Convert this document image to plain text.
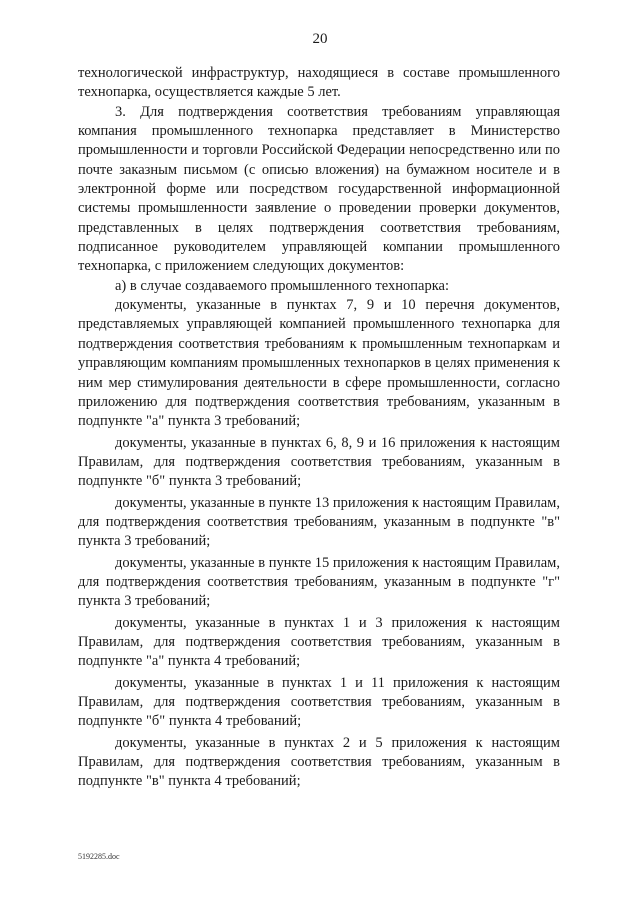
20

технологической инфраструктур, находящиеся в составе промышленного технопарка, осуществляется каждые 5 лет.

3. Для подтверждения соответствия требованиям управляющая компания промышленного технопарка представляет в Министерство промышленности и торговли Российской Федерации непосредственно или по почте заказным письмом (с описью вложения) на бумажном носителе и в электронной форме или посредством государственной информационной системы промышленности заявление о проведении проверки документов, представленных в целях подтверждения соответствия требованиям, подписанное руководителем управляющей компании промышленного технопарка, с приложением следующих документов:

а) в случае создаваемого промышленного технопарка:

документы, указанные в пунктах 7, 9 и 10 перечня документов, представляемых управляющей компанией промышленного технопарка для подтверждения соответствия требованиям к промышленным технопаркам и управляющим компаниям промышленных технопарков в целях применения к ним мер стимулирования деятельности в сфере промышленности, согласно приложению для подтверждения соответствия требованиям, указанным в подпункте "а" пункта 3 требований;

документы, указанные в пунктах 6, 8, 9 и 16 приложения к настоящим Правилам, для подтверждения соответствия требованиям, указанным в подпункте "б" пункта 3 требований;

документы, указанные в пункте 13 приложения к настоящим Правилам, для подтверждения соответствия требованиям, указанным в подпункте "в" пункта 3 требований;

документы, указанные в пункте 15 приложения к настоящим Правилам, для подтверждения соответствия требованиям, указанным в подпункте "г" пункта 3 требований;

документы, указанные в пунктах 1 и 3 приложения к настоящим Правилам, для подтверждения соответствия требованиям, указанным в подпункте "а" пункта 4 требований;

документы, указанные в пунктах 1 и 11 приложения к настоящим Правилам, для подтверждения соответствия требованиям, указанным в подпункте "б" пункта 4 требований;

документы, указанные в пунктах 2 и 5 приложения к настоящим Правилам, для подтверждения соответствия требованиям, указанным в подпункте "в" пункта 4 требований;

5192285.doc
